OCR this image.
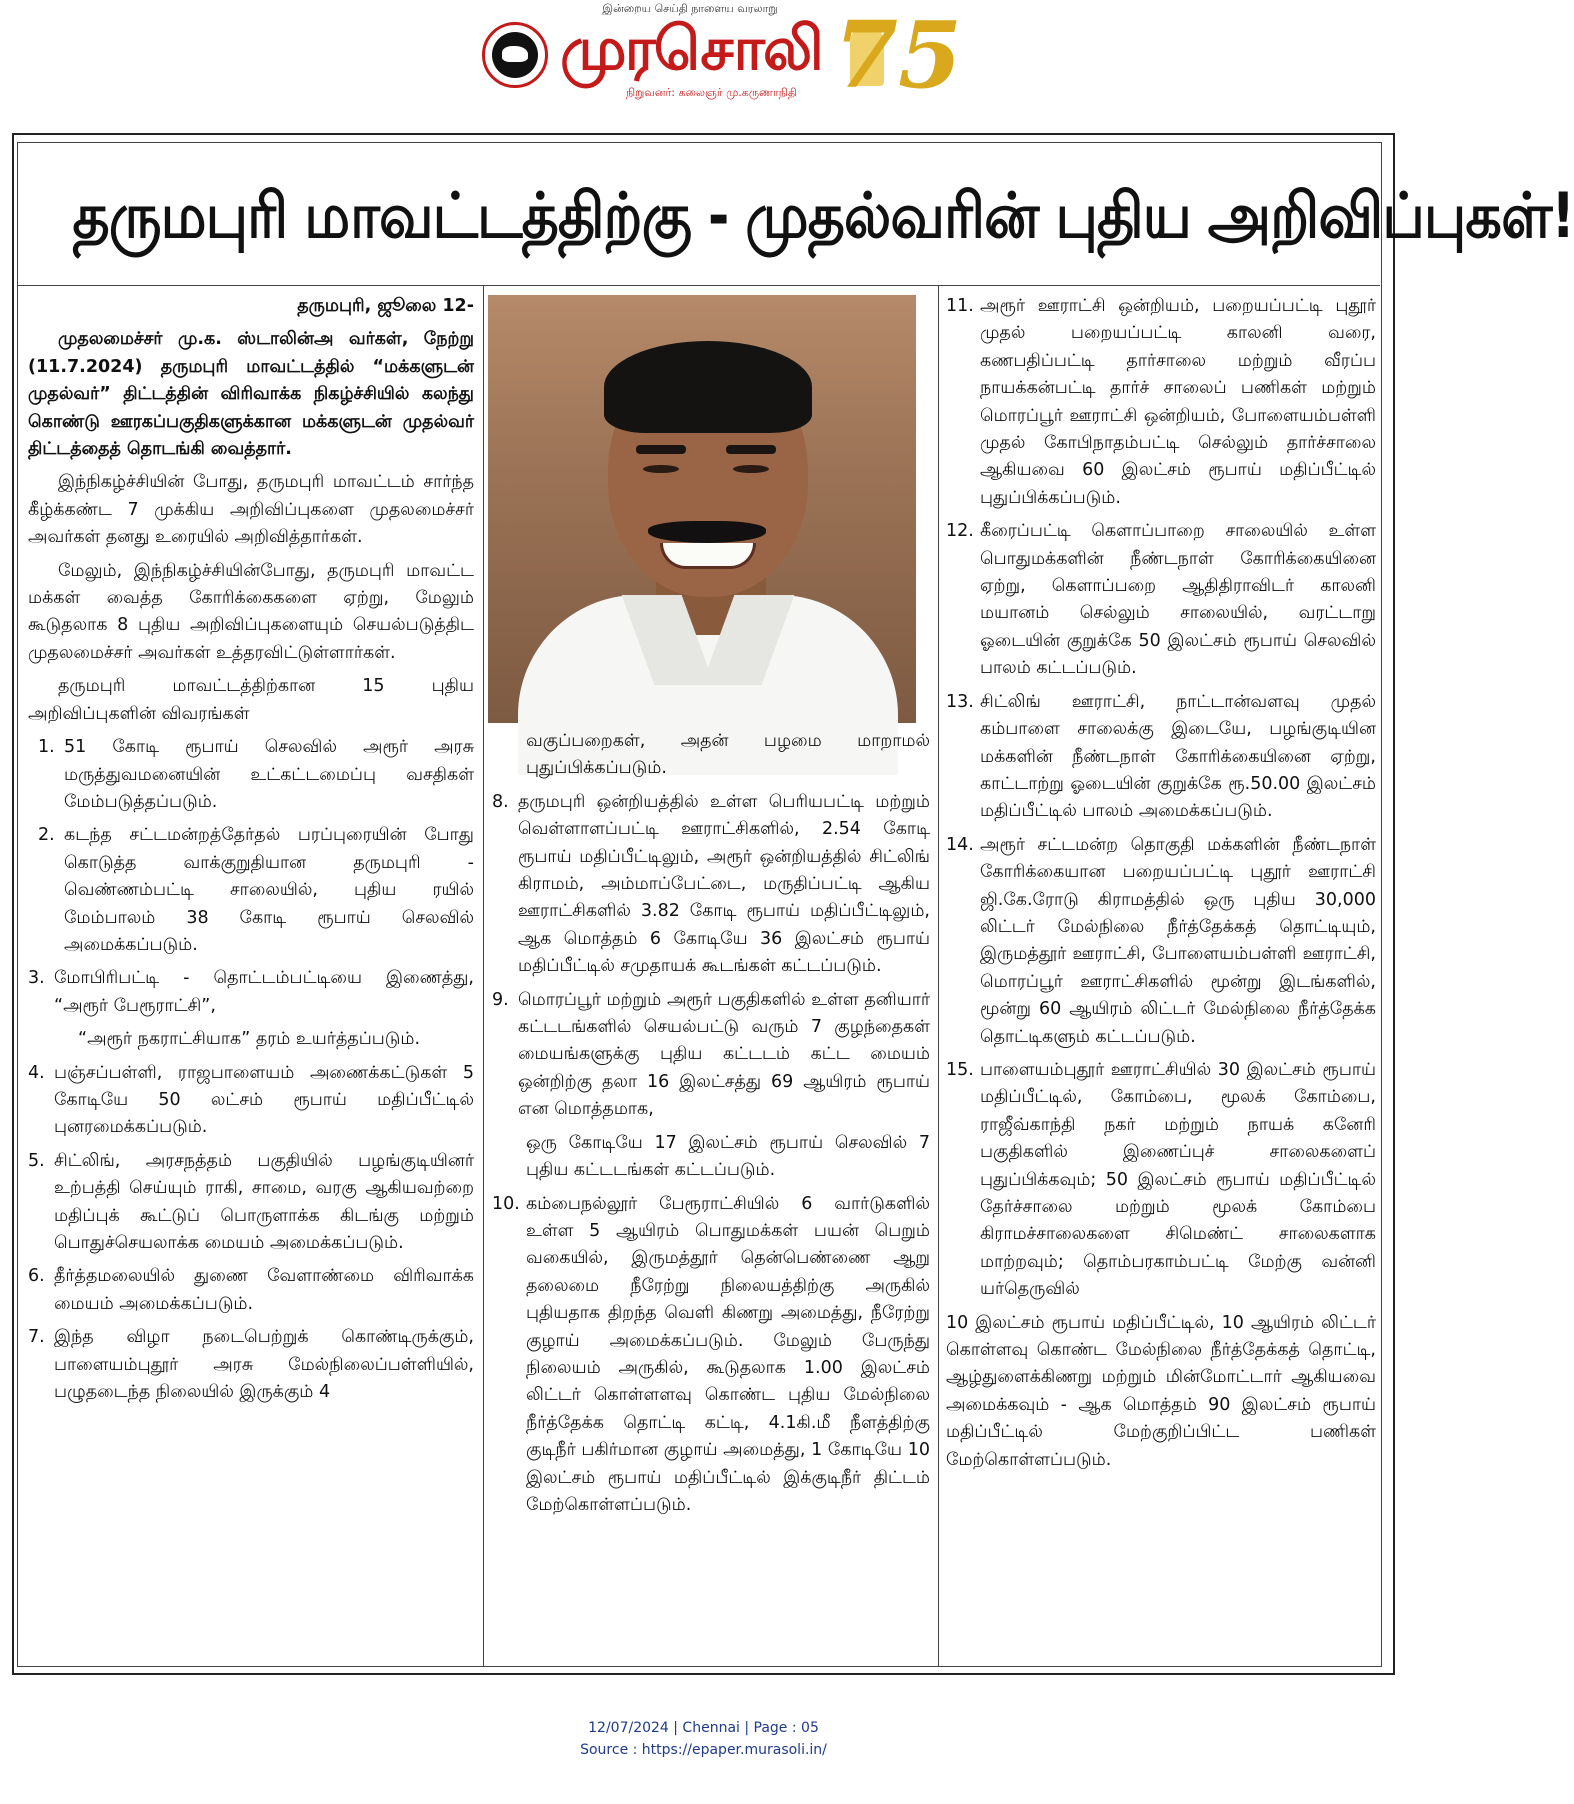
இன்றைய செய்தி நாளைய வரலாறு
முரசொலி
நிறுவனர்: கலைஞர் மு.கருணாநிதி 75
தருமபுரி மாவட்டத்திற்கு - முதல்வரின் புதிய அறிவிப்புகள்!

தருமபுரி, ஜூலை 12-

முதலமைச்சர் மு.க. ஸ்டாலின்அ வர்கள், நேற்று (11.7.2024) தருமபுரி மாவட்டத்தில் “மக்களுடன் முதல்வர்” திட்டத்தின் விரிவாக்க நிகழ்ச்சியில் கலந்து கொண்டு ஊரகப்பகுதிகளுக்கான மக்களுடன் முதல்வர் திட்டத்தைத் தொடங்கி வைத்தார்.

இந்நிகழ்ச்சியின் போது, தருமபுரி மாவட்டம் சார்ந்த கீழ்க்கண்ட 7 முக்கிய அறிவிப்புகளை முதலமைச்சர் அவர்கள் தனது உரையில் அறிவித்தார்கள்.

மேலும், இந்நிகழ்ச்சியின்போது, தருமபுரி மாவட்ட மக்கள் வைத்த கோரிக்கைகளை ஏற்று, மேலும் கூடுதலாக 8 புதிய அறிவிப்புகளையும் செயல்படுத்திட முதலமைச்சர் அவர்கள் உத்தரவிட்டுள்ளார்கள்.

தருமபுரி மாவட்டத்திற்கான 15 புதிய அறிவிப்புகளின் விவரங்கள்

1. 51 கோடி ரூபாய் செலவில் அரூர் அரசு மருத்துவமனையின் உட்கட்டமைப்பு வசதிகள் மேம்படுத்தப்படும்.
2. கடந்த சட்டமன்றத்தேர்தல் பரப்புரையின் போது கொடுத்த வாக்குறுதியான தருமபுரி - வெண்ணம்பட்டி சாலையில், புதிய ரயில் மேம்பாலம் 38 கோடி ரூபாய் செலவில் அமைக்கப்படும்.
3. மோபிரிபட்டி - தொட்டம்பட்டியை இணைத்து, “அரூர் பேரூராட்சி”,

“அரூர் நகராட்சியாக” தரம் உயர்த்தப்படும்.

4. பஞ்சப்பள்ளி, ராஜபாளையம் அணைக்கட்டுகள் 5 கோடியே 50 லட்சம் ரூபாய் மதிப்பீட்டில் புனரமைக்கப்படும்.
5. சிட்லிங், அரசநத்தம் பகுதியில் பழங்குடியினர் உற்பத்தி செய்யும் ராகி, சாமை, வரகு ஆகியவற்றை மதிப்புக் கூட்டுப் பொருளாக்க கிடங்கு மற்றும் பொதுச்செயலாக்க மையம் அமைக்கப்படும்.
6. தீர்த்தமலையில் துணை வேளாண்மை விரிவாக்க மையம் அமைக்கப்படும்.
7. இந்த விழா நடைபெற்றுக் கொண்டிருக்கும், பாளையம்புதூர் அரசு மேல்நிலைப்பள்ளியில், பழுதடைந்த நிலையில் இருக்கும் 4

வகுப்பறைகள், அதன் பழமை மாறாமல் புதுப்பிக்கப்படும்.

8. தருமபுரி ஒன்றியத்தில் உள்ள பெரியபட்டி மற்றும் வெள்ளாளப்பட்டி ஊராட்சிகளில், 2.54 கோடி ரூபாய் மதிப்பீட்டிலும், அரூர் ஒன்றியத்தில் சிட்லிங் கிராமம், அம்மாப்பேட்டை, மருதிப்பட்டி ஆகிய ஊராட்சிகளில் 3.82 கோடி ரூபாய் மதிப்பீட்டிலும், ஆக மொத்தம் 6 கோடியே 36 இலட்சம் ரூபாய் மதிப்பீட்டில் சமுதாயக் கூடங்கள் கட்டப்படும்.
9. மொரப்பூர் மற்றும் அரூர் பகுதிகளில் உள்ள தனியார் கட்டடங்களில் செயல்பட்டு வரும் 7 குழந்தைகள் மையங்களுக்கு புதிய கட்டடம் கட்ட மையம் ஒன்றிற்கு தலா 16 இலட்சத்து 69 ஆயிரம் ரூபாய் என மொத்தமாக,

ஒரு கோடியே 17 இலட்சம் ரூபாய் செலவில் 7 புதிய கட்டடங்கள் கட்டப்படும்.

10. கம்பைநல்லூர் பேரூராட்சியில் 6 வார்டுகளில் உள்ள 5 ஆயிரம் பொதுமக்கள் பயன் பெறும் வகையில், இருமத்தூர் தென்பெண்ணை ஆறு தலைமை நீரேற்று நிலையத்திற்கு அருகில் புதியதாக திறந்த வெளி கிணறு அமைத்து, நீரேற்று குழாய் அமைக்கப்படும். மேலும் பேருந்து நிலையம் அருகில், கூடுதலாக 1.00 இலட்சம் லிட்டர் கொள்ளளவு கொண்ட புதிய மேல்நிலை நீர்த்தேக்க தொட்டி கட்டி, 4.1கி.மீ நீளத்திற்கு குடிநீர் பகிர்மான குழாய் அமைத்து, 1 கோடியே 10 இலட்சம் ரூபாய் மதிப்பீட்டில் இக்குடிநீர் திட்டம் மேற்கொள்ளப்படும்.
11. அரூர் ஊராட்சி ஒன்றியம், பறையப்பட்டி புதூர் முதல் பறையப்பட்டி காலனி வரை, கணபதிப்பட்டி தார்சாலை மற்றும் வீரப்ப நாயக்கன்பட்டி தார்ச் சாலைப் பணிகள் மற்றும் மொரப்பூர் ஊராட்சி ஒன்றியம், போளையம்பள்ளி முதல் கோபிநாதம்பட்டி செல்லும் தார்ச்சாலை ஆகியவை 60 இலட்சம் ரூபாய் மதிப்பீட்டில் புதுப்பிக்கப்படும்.
12. கீரைப்பட்டி கௌாப்பாறை சாலையில் உள்ள பொதுமக்களின் நீண்டநாள் கோரிக்கையினை ஏற்று, கௌாப்பறை ஆதிதிராவிடர் காலனி மயானம் செல்லும் சாலையில், வரட்டாறு ஓடையின் குறுக்கே 50 இலட்சம் ரூபாய் செலவில் பாலம் கட்டப்படும்.
13. சிட்லிங் ஊராட்சி, நாட்டான்வளவு முதல் கம்பாளை சாலைக்கு இடையே, பழங்குடியின மக்களின் நீண்டநாள் கோரிக்கையினை ஏற்று, காட்டாற்று ஓடையின் குறுக்கே ரூ.50.00 இலட்சம் மதிப்பீட்டில் பாலம் அமைக்கப்படும்.
14. அரூர் சட்டமன்ற தொகுதி மக்களின் நீண்டநாள் கோரிக்கையான பறையப்பட்டி புதூர் ஊராட்சி ஜி.கே.ரோடு கிராமத்தில் ஒரு புதிய 30,000 லிட்டர் மேல்நிலை நீர்த்தேக்கத் தொட்டியும், இருமத்தூர் ஊராட்சி, போளையம்பள்ளி ஊராட்சி, மொரப்பூர் ஊராட்சிகளில் மூன்று இடங்களில், மூன்று 60 ஆயிரம் லிட்டர் மேல்நிலை நீர்த்தேக்க தொட்டிகளும் கட்டப்படும்.
15. பாளையம்புதூர் ஊராட்சியில் 30 இலட்சம் ரூபாய் மதிப்பீட்டில், கோம்பை, மூலக் கோம்பை, ராஜீவ்காந்தி நகர் மற்றும் நாயக் கனேரி பகுதிகளில் இணைப்புச் சாலைகளைப் புதுப்பிக்கவும்; 50 இலட்சம் ரூபாய் மதிப்பீட்டில் தேர்ச்சாலை மற்றும் மூலக் கோம்பை கிராமச்சாலைகளை சிமெண்ட் சாலைகளாக மாற்றவும்; தொம்பரகாம்பட்டி மேற்கு வன்னி யர்தெருவில்

10 இலட்சம் ரூபாய் மதிப்பீட்டில், 10 ஆயிரம் லிட்டர் கொள்ளவு கொண்ட மேல்நிலை நீர்த்தேக்கத் தொட்டி, ஆழ்துளைக்கிணறு மற்றும் மின்மோட்டார் ஆகியவை அமைக்கவும் - ஆக மொத்தம் 90 இலட்சம் ரூபாய் மதிப்பீட்டில் மேற்குறிப்பிட்ட பணிகள் மேற்கொள்ளப்படும்.

12/07/2024 | Chennai | Page : 05
Source : https://epaper.murasoli.in/
